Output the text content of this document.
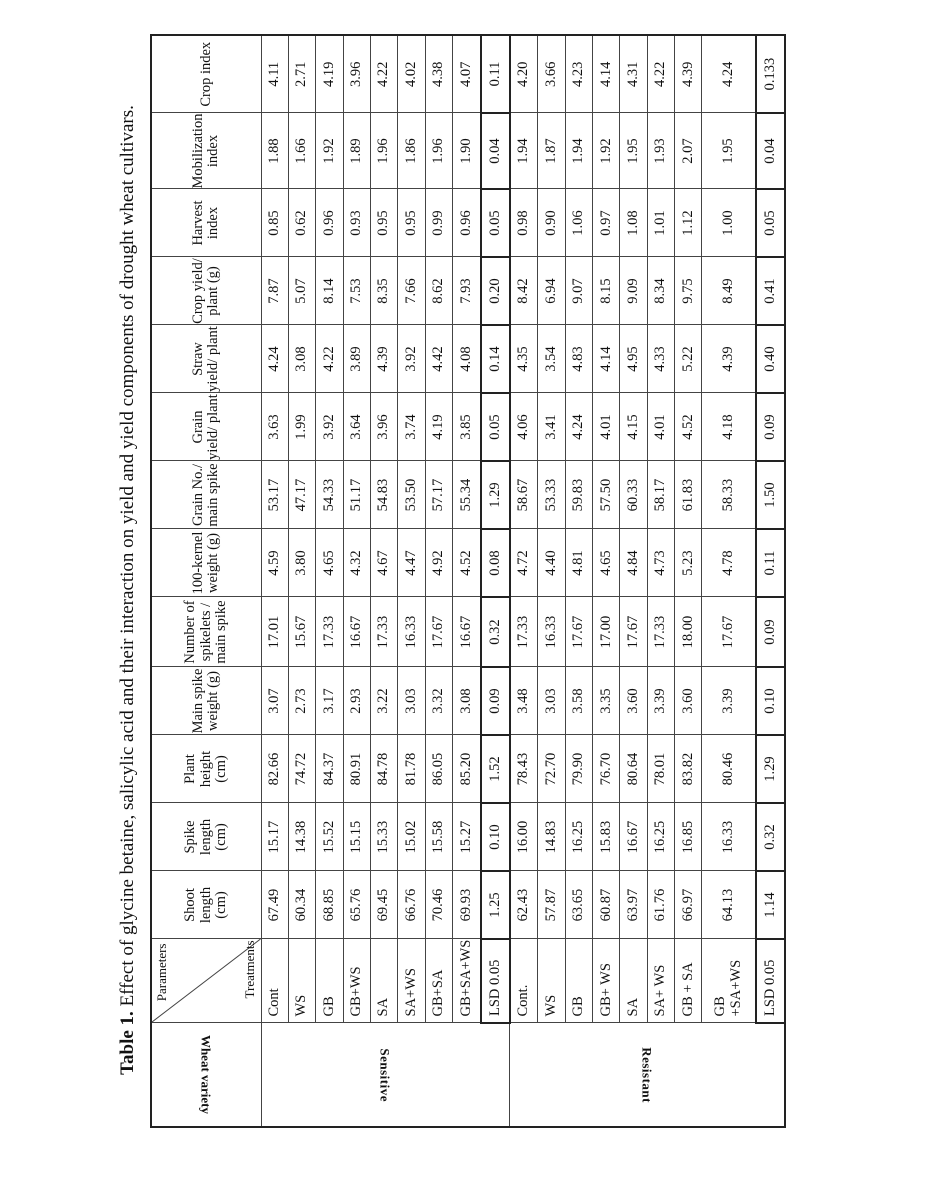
Table 1. Effect of glycine betaine, salicylic acid and their interaction on yield and yield components of drought wheat cultivars.
Wheat variety	Parameters Treatments	Shoot length (cm)	Spike length (cm)	Plant height (cm)	Main spike weight (g)	Number of spikelets / main spike	100-kernel weight (g)	Grain No./ main spike	Grain yield/ plant	Straw yield/ plant	Crop yield/ plant (g)	Harvest index	Mobilization index	Crop index
Sensitive	Cont	67.49	15.17	82.66	3.07	17.01	4.59	53.17	3.63	4.24	7.87	0.85	1.88	4.11
	WS	60.34	14.38	74.72	2.73	15.67	3.80	47.17	1.99	3.08	5.07	0.62	1.66	2.71
	GB	68.85	15.52	84.37	3.17	17.33	4.65	54.33	3.92	4.22	8.14	0.96	1.92	4.19
	GB+WS	65.76	15.15	80.91	2.93	16.67	4.32	51.17	3.64	3.89	7.53	0.93	1.89	3.96
	SA	69.45	15.33	84.78	3.22	17.33	4.67	54.83	3.96	4.39	8.35	0.95	1.96	4.22
	SA+WS	66.76	15.02	81.78	3.03	16.33	4.47	53.50	3.74	3.92	7.66	0.95	1.86	4.02
	GB+SA	70.46	15.58	86.05	3.32	17.67	4.92	57.17	4.19	4.42	8.62	0.99	1.96	4.38
	GB+SA+WS	69.93	15.27	85.20	3.08	16.67	4.52	55.34	3.85	4.08	7.93	0.96	1.90	4.07
	LSD 0.05	1.25	0.10	1.52	0.09	0.32	0.08	1.29	0.05	0.14	0.20	0.05	0.04	0.11
Resistant	Cont.	62.43	16.00	78.43	3.48	17.33	4.72	58.67	4.06	4.35	8.42	0.98	1.94	4.20
	WS	57.87	14.83	72.70	3.03	16.33	4.40	53.33	3.41	3.54	6.94	0.90	1.87	3.66
	GB	63.65	16.25	79.90	3.58	17.67	4.81	59.83	4.24	4.83	9.07	1.06	1.94	4.23
	GB+ WS	60.87	15.83	76.70	3.35	17.00	4.65	57.50	4.01	4.14	8.15	0.97	1.92	4.14
	SA	63.97	16.67	80.64	3.60	17.67	4.84	60.33	4.15	4.95	9.09	1.08	1.95	4.31
	SA+ WS	61.76	16.25	78.01	3.39	17.33	4.73	58.17	4.01	4.33	8.34	1.01	1.93	4.22
	GB + SA	66.97	16.85	83.82	3.60	18.00	5.23	61.83	4.52	5.22	9.75	1.12	2.07	4.39
	GB +SA+WS	64.13	16.33	80.46	3.39	17.67	4.78	58.33	4.18	4.39	8.49	1.00	1.95	4.24
	LSD 0.05	1.14	0.32	1.29	0.10	0.09	0.11	1.50	0.09	0.40	0.41	0.05	0.04	0.133
